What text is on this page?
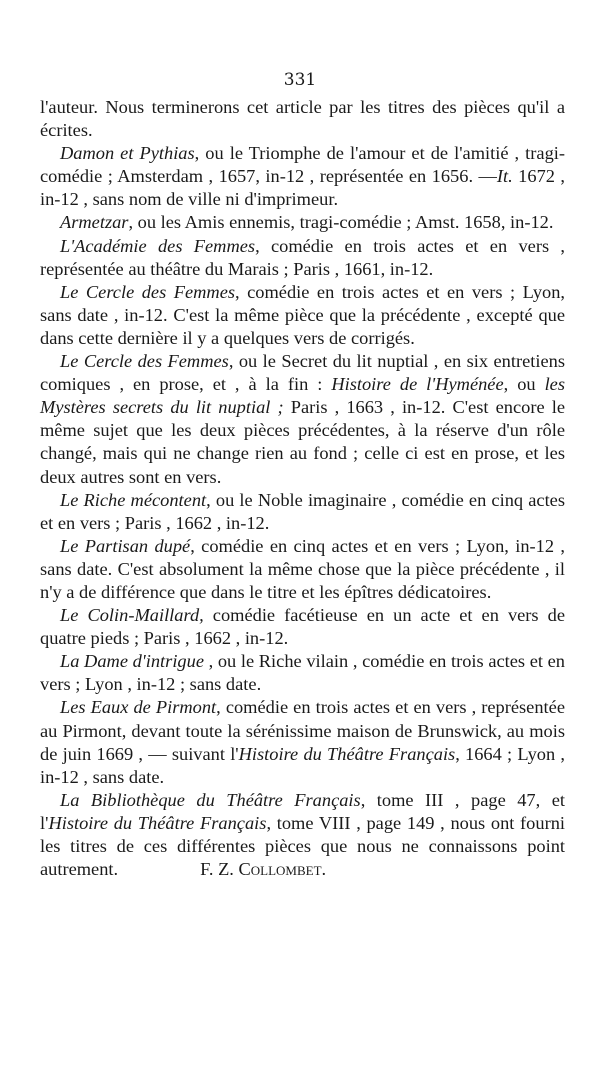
331

l'auteur. Nous terminerons cet article par les titres des pièces qu'il a écrites.

Damon et Pythias, ou le Triomphe de l'amour et de l'amitié , tragi-comédie ; Amsterdam , 1657, in-12 , représentée en 1656. —It. 1672 , in-12 , sans nom de ville ni d'imprimeur.

Armetzar, ou les Amis ennemis, tragi-comédie ; Amst. 1658, in-12.

L'Académie des Femmes, comédie en trois actes et en vers , représentée au théâtre du Marais ; Paris , 1661, in-12.

Le Cercle des Femmes, comédie en trois actes et en vers ; Lyon, sans date , in-12. C'est la même pièce que la précédente , excepté que dans cette dernière il y a quelques vers de corrigés.

Le Cercle des Femmes, ou le Secret du lit nuptial , en six entretiens comiques , en prose, et , à la fin : Histoire de l'Hyménée, ou les Mystères secrets du lit nuptial ; Paris , 1663 , in-12. C'est encore le même sujet que les deux pièces précédentes, à la réserve d'un rôle changé, mais qui ne change rien au fond ; celle ci est en prose, et les deux autres sont en vers.

Le Riche mécontent, ou le Noble imaginaire , comédie en cinq actes et en vers ; Paris , 1662 , in-12.

Le Partisan dupé, comédie en cinq actes et en vers ; Lyon, in-12 , sans date. C'est absolument la même chose que la pièce précédente , il n'y a de différence que dans le titre et les épîtres dédicatoires.

Le Colin-Maillard, comédie facétieuse en un acte et en vers de quatre pieds ; Paris , 1662 , in-12.

La Dame d'intrigue , ou le Riche vilain , comédie en trois actes et en vers ; Lyon , in-12 ; sans date.

Les Eaux de Pirmont, comédie en trois actes et en vers , représentée au Pirmont, devant toute la sérénissime maison de Brunswick, au mois de juin 1669 , — suivant l'Histoire du Théâtre Français, 1664 ; Lyon , in-12 , sans date.

La Bibliothèque du Théâtre Français, tome III , page 47, et l'Histoire du Théâtre Français, tome VIII , page 149 , nous ont fourni les titres de ces différentes pièces que nous ne connaissons point autrement.	F. Z. Collombet.
